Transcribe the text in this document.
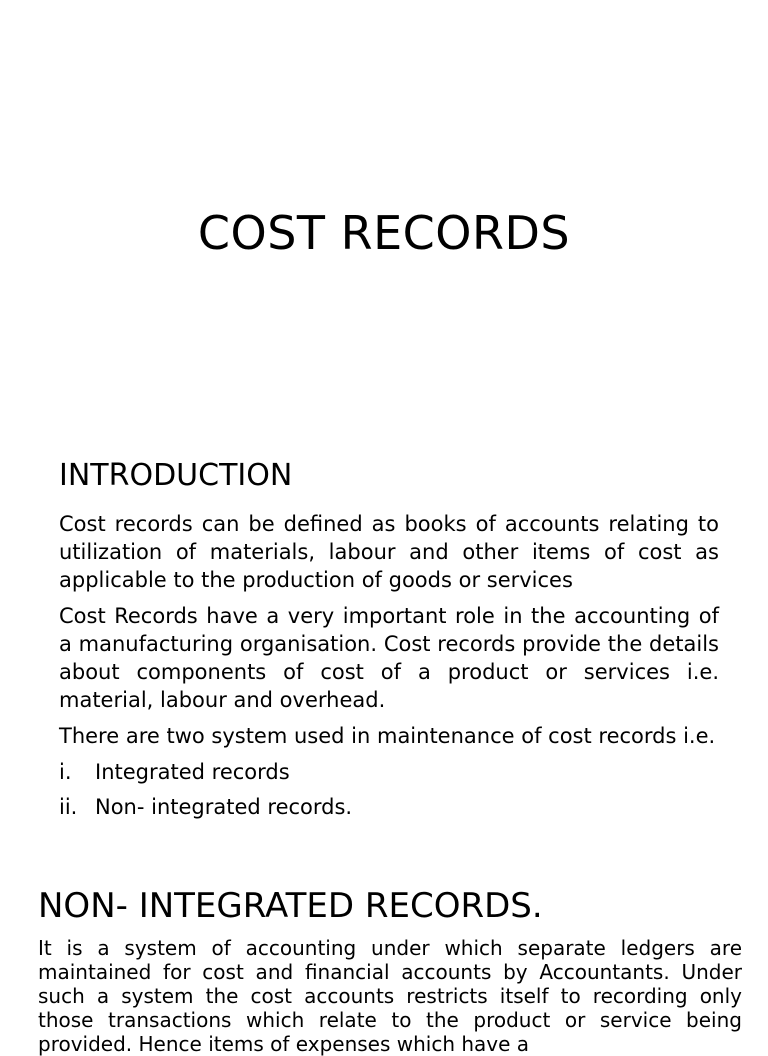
COST RECORDS
INTRODUCTION

Cost records can be defined as books of accounts relating to utilization of materials, labour and other items of cost as applicable to the production of goods or services

Cost Records have a very important role in the accounting of a manufacturing organisation. Cost records provide the details about components of cost of a product or services i.e. material, labour and overhead.

There are two system used in maintenance of cost records i.e.

i.	Integrated records
ii. Non- integrated records.
NON- INTEGRATED RECORDS.

It is a system of accounting under which separate ledgers are maintained for cost and financial accounts by Accountants. Under such a system the cost accounts restricts itself to recording only those transactions which relate to the product or service being provided. Hence items of expenses which have a
